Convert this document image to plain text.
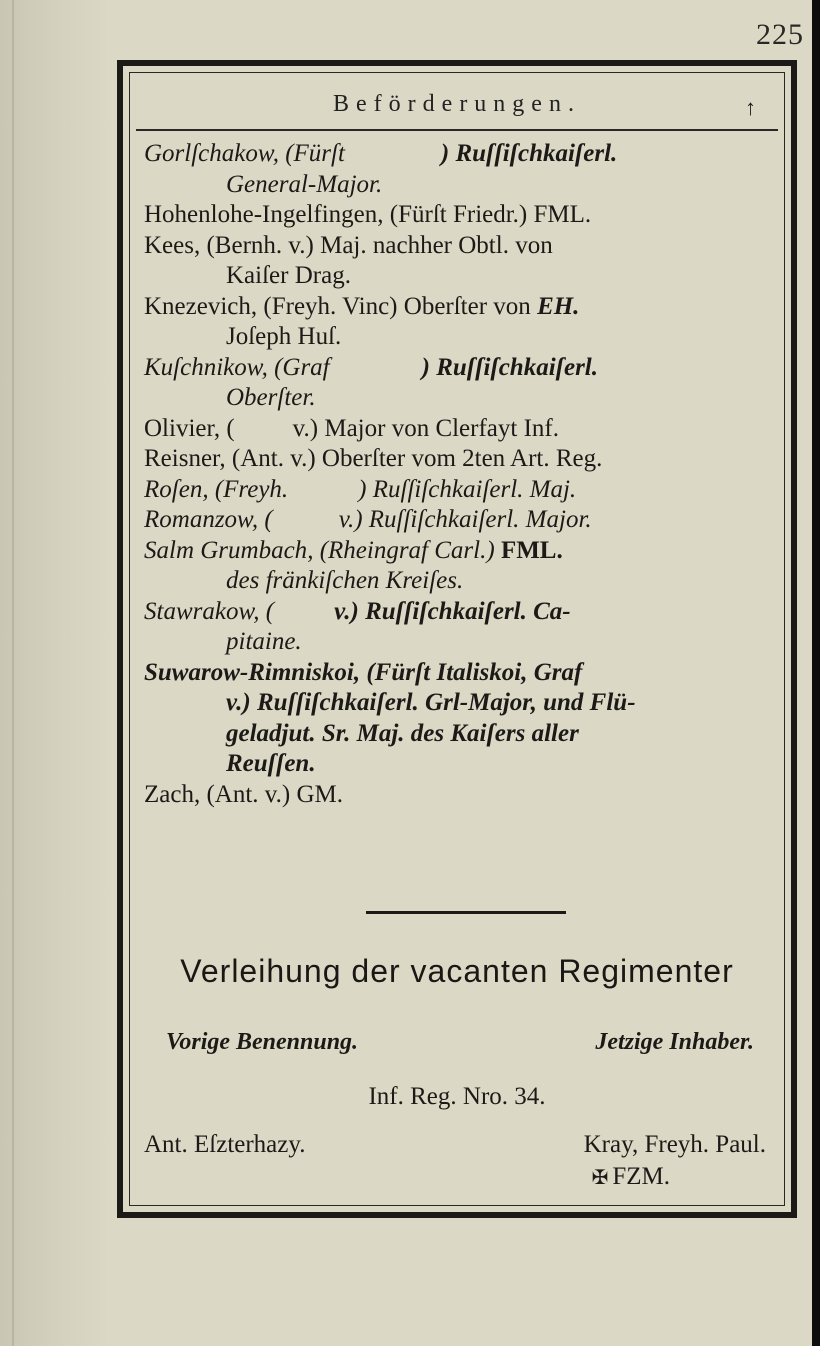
225
Beförderungen.	↑
Gorlſchakow, (Fürſt	) Ruſſiſchkaiſerl.
General-Major.
Hohenlohe-Ingelfingen, (Fürſt Friedr.) FML.
Kees, (Bernh. v.) Maj. nachher Obtl. von
Kaiſer Drag.
Knezevich, (Freyh. Vinc) Oberſter von EH.
Joſeph Huſ.
Kuſchnikow, (Graf	) Ruſſiſchkaiſerl.
Oberſter.
Olivier, ( v.) Major von Clerfayt Inf.
Reisner, (Ant. v.) Oberſter vom 2ten Art. Reg.
Roſen, (Freyh.	) Ruſſiſchkaiſerl. Maj.
Romanzow, (	v.) Ruſſiſchkaiſerl. Major.
Salm Grumbach, (Rheingraf Carl.) FML.
des fränkiſchen Kreiſes.
Stawrakow, ( v.) Ruſſiſchkaiſerl. Ca-
pitaine.
Suwarow-Rimniskoi, (Fürſt Italiskoi, Graf
v.) Ruſſiſchkaiſerl. Grl-Major, und Flü-
geladjut. Sr. Maj. des Kaiſers aller
Reuſſen.
Zach, (Ant. v.) GM.
Verleihung der vacanten Regimenter
Vorige Benennung.	Jetzige Inhaber.
Inf. Reg. Nro. 34.
Ant. Eſzterhazy.	Kray, Freyh. Paul.
✠ FZM.
